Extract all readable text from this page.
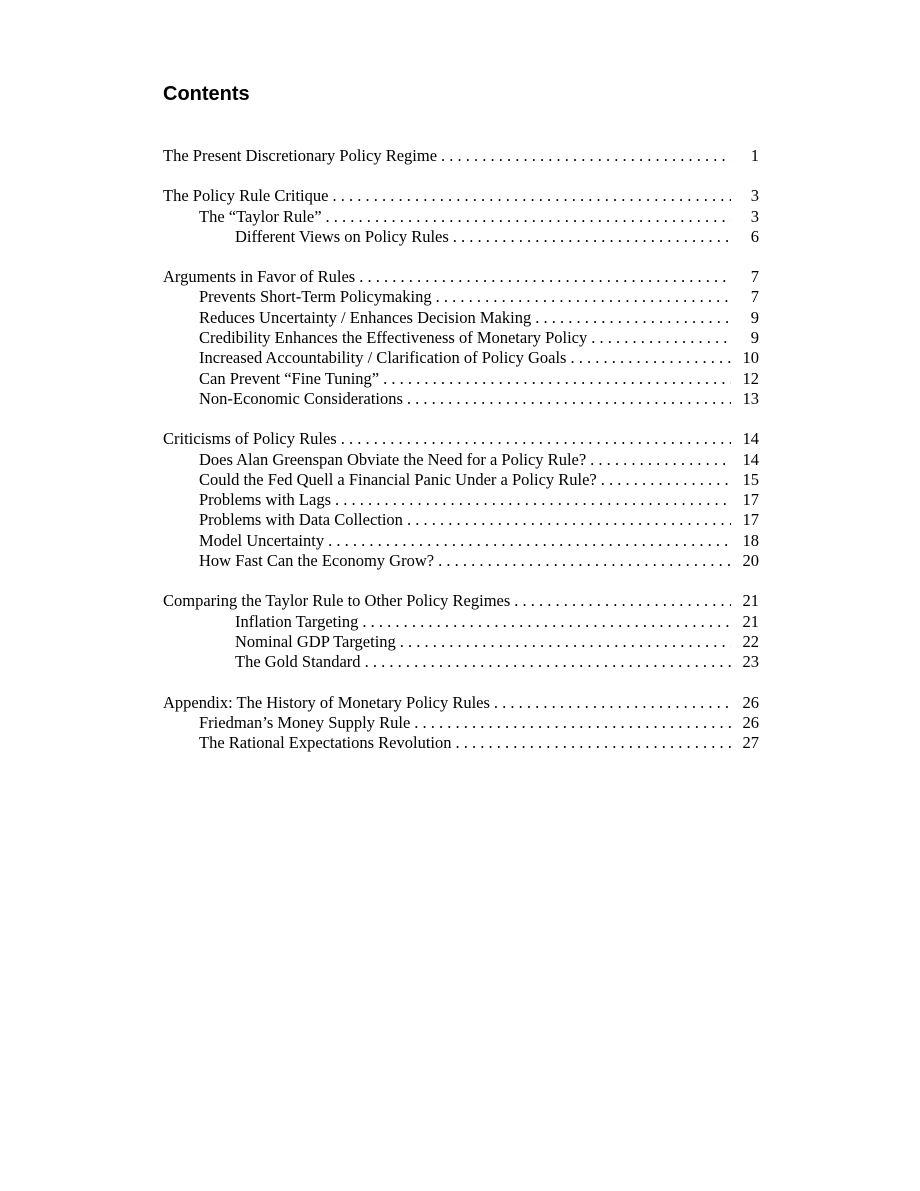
Contents
The Present Discretionary Policy Regime . . .	1
The Policy Rule Critique . . .	3
The “Taylor Rule” . . .	3
Different Views on Policy Rules . . .	6
Arguments in Favor of Rules . . .	7
Prevents Short-Term Policymaking . . .	7
Reduces Uncertainty / Enhances Decision Making . . .	9
Credibility Enhances the Effectiveness of Monetary Policy . . .	9
Increased Accountability / Clarification of Policy Goals . . .	10
Can Prevent “Fine Tuning” . . .	12
Non-Economic Considerations . . .	13
Criticisms of Policy Rules . . .	14
Does Alan Greenspan Obviate the Need for a Policy Rule? . . .	14
Could the Fed Quell a Financial Panic Under a Policy Rule? . . .	15
Problems with Lags . . .	17
Problems with Data Collection . . .	17
Model Uncertainty . . .	18
How Fast Can the Economy Grow? . . .	20
Comparing the Taylor Rule to Other Policy Regimes . . .	21
Inflation Targeting . . .	21
Nominal GDP Targeting . . .	22
The Gold Standard . . .	23
Appendix: The History of Monetary Policy Rules . . .	26
Friedman’s Money Supply Rule . . .	26
The Rational Expectations Revolution . . .	27
